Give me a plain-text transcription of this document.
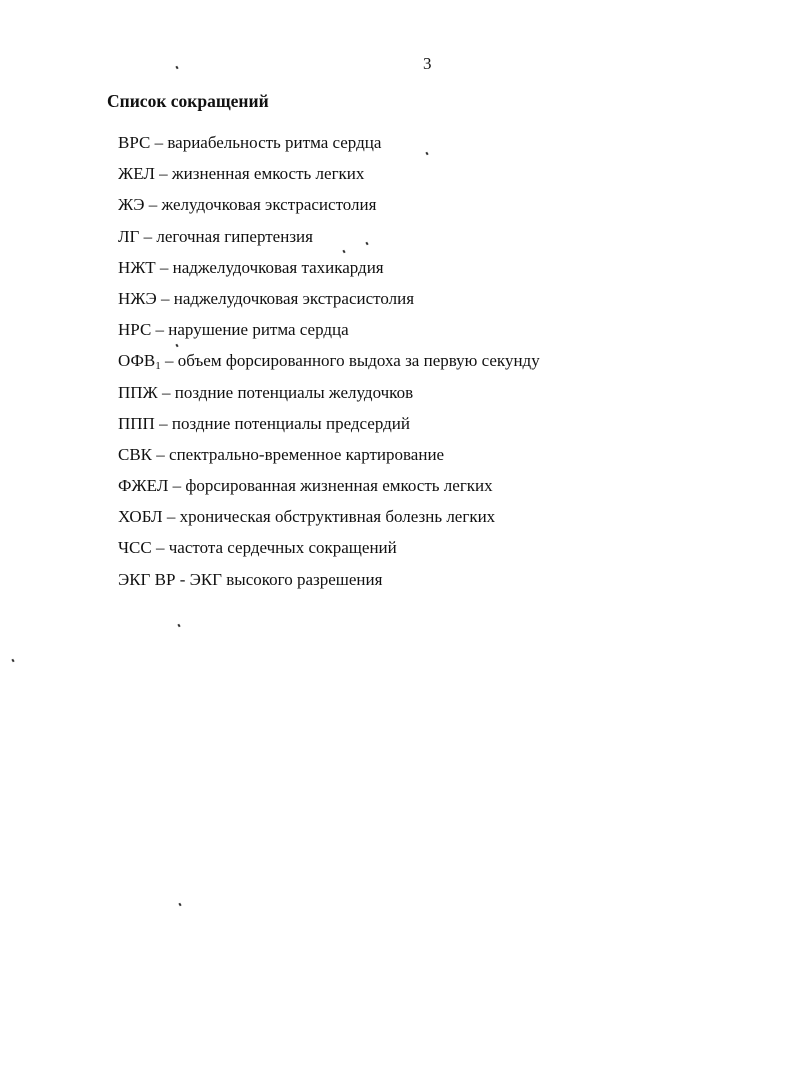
3
Список сокращений
ВРС – вариабельность ритма сердца
ЖЕЛ – жизненная емкость легких
ЖЭ – желудочковая экстрасистолия
ЛГ – легочная гипертензия
НЖТ – наджелудочковая тахикардия
НЖЭ – наджелудочковая экстрасистолия
НРС – нарушение ритма сердца
$ОФВ_1$ – объем форсированного выдоха за первую секунду
ППЖ – поздние потенциалы желудочков
ППП – поздние потенциалы предсердий
СВК – спектрально-временное картирование
ФЖЕЛ – форсированная жизненная емкость легких
ХОБЛ – хроническая обструктивная болезнь легких
ЧСС – частота сердечных сокращений
ЭКГ ВР - ЭКГ высокого разрешения
